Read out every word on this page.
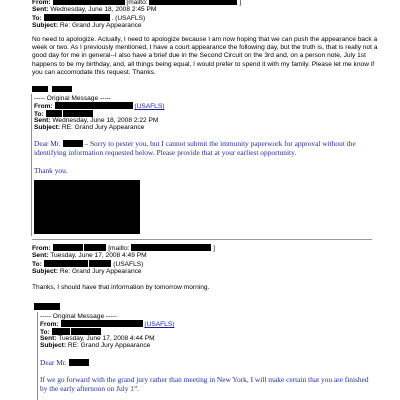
From:	[mailto:	]
Sent: Wednesday, June 18, 2008 2:45 PM
To:	. (USAFLS)
Subject: Re: Grand Jury Appearance
No need to apologize. Actually, I need to apologize because I am now hoping that we can push the appearance back a week or two. As I previously mentioned, I have a court appearance the following day, but the truth is, that is really not a good day for me in general--I also have a brief due in the Second Circuit on the 3rd and, on a person note, July 1st happens to be my birthday, and, all things being equal, I would prefer to spend it with my family. Please let me know if you can accomodate this request. Thanks.
----- Original Message -----
From:	(USAFLS)
To:
Sent: Wednesday, June 18, 2008 2:22 PM
Subject: RE: Grand Jury Appearance
Dear Mr.	– Sorry to pester you, but I cannot submit the immunity paperwork for approval without the identifying information requested below. Please provide that at your earliest opportunity.
Thank you.
From:	[mailto:	]
Sent: Tuesday, June 17, 2008 4:49 PM
To:	(USAFLS)
Subject: Re: Grand Jury Appearance
Thanks, I should have that information by tomorrow morning.
----- Original Message -----
From:	(USAFLS)
To:
Sent: Tuesday, June 17, 2008 4:44 PM
Subject: RE: Grand Jury Appearance
Dear Mr.
If we go forward with the grand jury rather than meeting in New York, I will make certain that you are finished by the early afternoon on July 1st.
